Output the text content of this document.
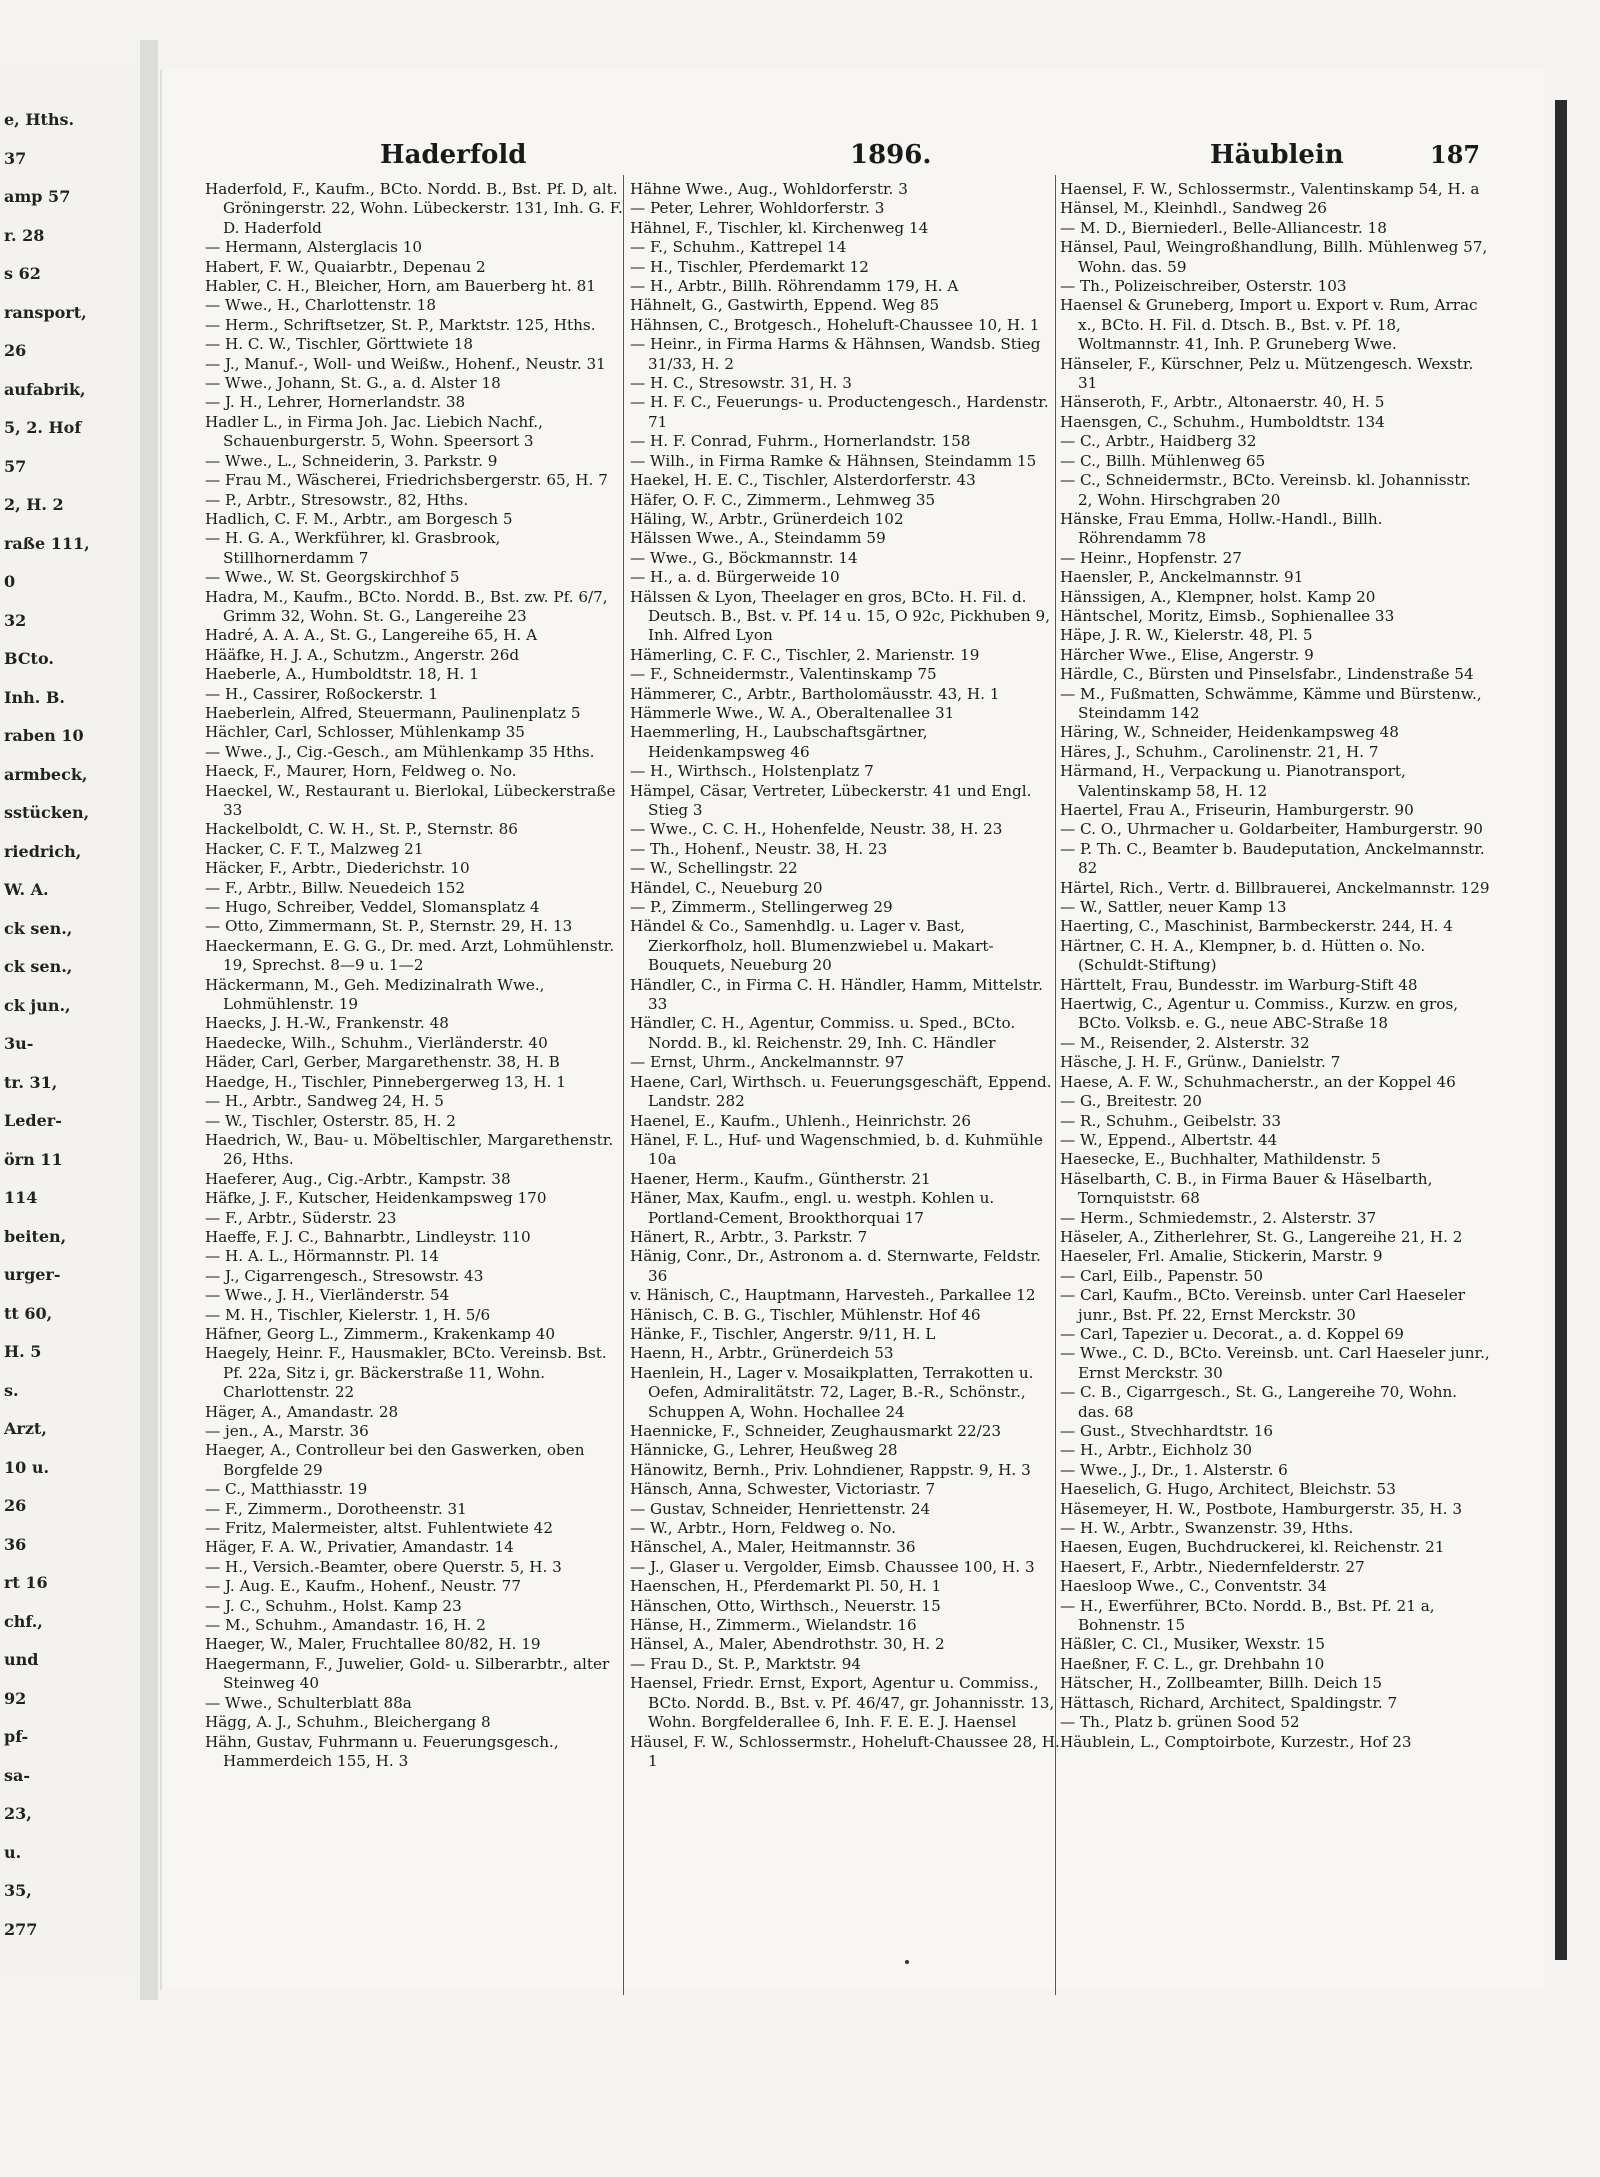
e, Hths.
37
amp 57
r. 28
s 62
ransport,
26
aufabrik,
5, 2. Hof
57
2, H. 2
raße 111,
0
32
BCto.
Inh. B.
raben 10
armbeck,
sstücken,
riedrich,
W. A.
ck sen.,
ck sen.,
ck jun.,
3u-
tr. 31,
Leder-
örn 11
114
beiten,
urger-
tt 60,
H. 5
s.
Arzt,
10 u.
26
36
rt 16
chf.,
und
92
pf-
sa-
23,
u.
35,
277
Haderfold	1896.	Häublein	187

Haderfold, F., Kaufm., BCto. Nordd. B., Bst. Pf. D, alt. Gröningerstr. 22, Wohn. Lübeckerstr. 131, Inh. G. F. D. Haderfold

— Hermann, Alsterglacis 10

Habert, F. W., Quaiarbtr., Depenau 2

Habler, C. H., Bleicher, Horn, am Bauerberg ht. 81

— Wwe., H., Charlottenstr. 18

— Herm., Schriftsetzer, St. P., Marktstr. 125, Hths.

— H. C. W., Tischler, Görttwiete 18

— J., Manuf.-, Woll- und Weißw., Hohenf., Neustr. 31

— Wwe., Johann, St. G., a. d. Alster 18

— J. H., Lehrer, Hornerlandstr. 38

Hadler L., in Firma Joh. Jac. Liebich Nachf., Schauenburgerstr. 5, Wohn. Speersort 3

— Wwe., L., Schneiderin, 3. Parkstr. 9

— Frau M., Wäscherei, Friedrichsbergerstr. 65, H. 7

— P., Arbtr., Stresowstr., 82, Hths.

Hadlich, C. F. M., Arbtr., am Borgesch 5

— H. G. A., Werkführer, kl. Grasbrook, Stillhornerdamm 7

— Wwe., W. St. Georgskirchhof 5

Hadra, M., Kaufm., BCto. Nordd. B., Bst. zw. Pf. 6/7, Grimm 32, Wohn. St. G., Langereihe 23

Hadré, A. A. A., St. G., Langereihe 65, H. A

Hääfke, H. J. A., Schutzm., Angerstr. 26d

Haeberle, A., Humboldtstr. 18, H. 1

— H., Cassirer, Roßockerstr. 1

Haeberlein, Alfred, Steuermann, Paulinenplatz 5

Hächler, Carl, Schlosser, Mühlenkamp 35

— Wwe., J., Cig.-Gesch., am Mühlenkamp 35 Hths.

Haeck, F., Maurer, Horn, Feldweg o. No.

Haeckel, W., Restaurant u. Bierlokal, Lübeckerstraße 33

Hackelboldt, C. W. H., St. P., Sternstr. 86

Hacker, C. F. T., Malzweg 21

Häcker, F., Arbtr., Diederichstr. 10

— F., Arbtr., Billw. Neuedeich 152

— Hugo, Schreiber, Veddel, Slomansplatz 4

— Otto, Zimmermann, St. P., Sternstr. 29, H. 13

Haeckermann, E. G. G., Dr. med. Arzt, Lohmühlenstr. 19, Sprechst. 8—9 u. 1—2

Häckermann, M., Geh. Medizinalrath Wwe., Lohmühlenstr. 19

Haecks, J. H.-W., Frankenstr. 48

Haedecke, Wilh., Schuhm., Vierländerstr. 40

Häder, Carl, Gerber, Margarethenstr. 38, H. B

Haedge, H., Tischler, Pinnebergerweg 13, H. 1

— H., Arbtr., Sandweg 24, H. 5

— W., Tischler, Osterstr. 85, H. 2

Haedrich, W., Bau- u. Möbeltischler, Margarethenstr. 26, Hths.

Haeferer, Aug., Cig.-Arbtr., Kampstr. 38

Häfke, J. F., Kutscher, Heidenkampsweg 170

— F., Arbtr., Süderstr. 23

Haeffe, F. J. C., Bahnarbtr., Lindleystr. 110

— H. A. L., Hörmannstr. Pl. 14

— J., Cigarrengesch., Stresowstr. 43

— Wwe., J. H., Vierländerstr. 54

— M. H., Tischler, Kielerstr. 1, H. 5/6

Häfner, Georg L., Zimmerm., Krakenkamp 40

Haegely, Heinr. F., Hausmakler, BCto. Vereinsb. Bst. Pf. 22a, Sitz i, gr. Bäckerstraße 11, Wohn. Charlottenstr. 22

Häger, A., Amandastr. 28

— jen., A., Marstr. 36

Haeger, A., Controlleur bei den Gaswerken, oben Borgfelde 29

— C., Matthiasstr. 19

— F., Zimmerm., Dorotheenstr. 31

— Fritz, Malermeister, altst. Fuhlentwiete 42

Häger, F. A. W., Privatier, Amandastr. 14

— H., Versich.-Beamter, obere Querstr. 5, H. 3

— J. Aug. E., Kaufm., Hohenf., Neustr. 77

— J. C., Schuhm., Holst. Kamp 23

— M., Schuhm., Amandastr. 16, H. 2

Haeger, W., Maler, Fruchtallee 80/82, H. 19

Haegermann, F., Juwelier, Gold- u. Silberarbtr., alter Steinweg 40

— Wwe., Schulterblatt 88a

Hägg, A. J., Schuhm., Bleichergang 8

Hähn, Gustav, Fuhrmann u. Feuerungsgesch., Hammerdeich 155, H. 3

Hähne Wwe., Aug., Wohldorferstr. 3

— Peter, Lehrer, Wohldorferstr. 3

Hähnel, F., Tischler, kl. Kirchenweg 14

— F., Schuhm., Kattrepel 14

— H., Tischler, Pferdemarkt 12

— H., Arbtr., Billh. Röhrendamm 179, H. A

Hähnelt, G., Gastwirth, Eppend. Weg 85

Hähnsen, C., Brotgesch., Hoheluft-Chaussee 10, H. 1

— Heinr., in Firma Harms & Hähnsen, Wandsb. Stieg 31/33, H. 2

— H. C., Stresowstr. 31, H. 3

— H. F. C., Feuerungs- u. Productengesch., Hardenstr. 71

— H. F. Conrad, Fuhrm., Hornerlandstr. 158

— Wilh., in Firma Ramke & Hähnsen, Steindamm 15

Haekel, H. E. C., Tischler, Alsterdorferstr. 43

Häfer, O. F. C., Zimmerm., Lehmweg 35

Häling, W., Arbtr., Grünerdeich 102

Hälssen Wwe., A., Steindamm 59

— Wwe., G., Böckmannstr. 14

— H., a. d. Bürgerweide 10

Hälssen & Lyon, Theelager en gros, BCto. H. Fil. d. Deutsch. B., Bst. v. Pf. 14 u. 15, O 92c, Pickhuben 9, Inh. Alfred Lyon

Hämerling, C. F. C., Tischler, 2. Marienstr. 19

— F., Schneidermstr., Valentinskamp 75

Hämmerer, C., Arbtr., Bartholomäusstr. 43, H. 1

Hämmerle Wwe., W. A., Oberaltenallee 31

Haemmerling, H., Laubschaftsgärtner, Heidenkampsweg 46

— H., Wirthsch., Holstenplatz 7

Hämpel, Cäsar, Vertreter, Lübeckerstr. 41 und Engl. Stieg 3

— Wwe., C. C. H., Hohenfelde, Neustr. 38, H. 23

— Th., Hohenf., Neustr. 38, H. 23

— W., Schellingstr. 22

Händel, C., Neueburg 20

— P., Zimmerm., Stellingerweg 29

Händel & Co., Samenhdlg. u. Lager v. Bast, Zierkorfholz, holl. Blumenzwiebel u. Makart-Bouquets, Neueburg 20

Händler, C., in Firma C. H. Händler, Hamm, Mittelstr. 33

Händler, C. H., Agentur, Commiss. u. Sped., BCto. Nordd. B., kl. Reichenstr. 29, Inh. C. Händler

— Ernst, Uhrm., Anckelmannstr. 97

Haene, Carl, Wirthsch. u. Feuerungsgeschäft, Eppend. Landstr. 282

Haenel, E., Kaufm., Uhlenh., Heinrichstr. 26

Hänel, F. L., Huf- und Wagenschmied, b. d. Kuhmühle 10a

Haener, Herm., Kaufm., Güntherstr. 21

Häner, Max, Kaufm., engl. u. westph. Kohlen u. Portland-Cement, Brookthorquai 17

Hänert, R., Arbtr., 3. Parkstr. 7

Hänig, Conr., Dr., Astronom a. d. Sternwarte, Feldstr. 36

v. Hänisch, C., Hauptmann, Harvesteh., Parkallee 12

Hänisch, C. B. G., Tischler, Mühlenstr. Hof 46

Hänke, F., Tischler, Angerstr. 9/11, H. L

Haenn, H., Arbtr., Grünerdeich 53

Haenlein, H., Lager v. Mosaikplatten, Terrakotten u. Oefen, Admiralitätstr. 72, Lager, B.-R., Schönstr., Schuppen A, Wohn. Hochallee 24

Haennicke, F., Schneider, Zeughausmarkt 22/23

Hännicke, G., Lehrer, Heußweg 28

Hänowitz, Bernh., Priv. Lohndiener, Rappstr. 9, H. 3

Hänsch, Anna, Schwester, Victoriastr. 7

— Gustav, Schneider, Henriettenstr. 24

— W., Arbtr., Horn, Feldweg o. No.

Hänschel, A., Maler, Heitmannstr. 36

— J., Glaser u. Vergolder, Eimsb. Chaussee 100, H. 3

Haenschen, H., Pferdemarkt Pl. 50, H. 1

Hänschen, Otto, Wirthsch., Neuerstr. 15

Hänse, H., Zimmerm., Wielandstr. 16

Hänsel, A., Maler, Abendrothstr. 30, H. 2

— Frau D., St. P., Marktstr. 94

Haensel, Friedr. Ernst, Export, Agentur u. Commiss., BCto. Nordd. B., Bst. v. Pf. 46/47, gr. Johannisstr. 13, Wohn. Borgfelderallee 6, Inh. F. E. E. J. Haensel

Häusel, F. W., Schlossermstr., Hoheluft-Chaussee 28, H. 1

Haensel, F. W., Schlossermstr., Valentinskamp 54, H. a

Hänsel, M., Kleinhdl., Sandweg 26

— M. D., Bierniederl., Belle-Alliancestr. 18

Hänsel, Paul, Weingroßhandlung, Billh. Mühlenweg 57, Wohn. das. 59

— Th., Polizeischreiber, Osterstr. 103

Haensel & Gruneberg, Import u. Export v. Rum, Arrac x., BCto. H. Fil. d. Dtsch. B., Bst. v. Pf. 18, Woltmannstr. 41, Inh. P. Gruneberg Wwe.

Hänseler, F., Kürschner, Pelz u. Mützengesch. Wexstr. 31

Hänseroth, F., Arbtr., Altonaerstr. 40, H. 5

Haensgen, C., Schuhm., Humboldtstr. 134

— C., Arbtr., Haidberg 32

— C., Billh. Mühlenweg 65

— C., Schneidermstr., BCto. Vereinsb. kl. Johannisstr. 2, Wohn. Hirschgraben 20

Hänske, Frau Emma, Hollw.-Handl., Billh. Röhrendamm 78

— Heinr., Hopfenstr. 27

Haensler, P., Anckelmannstr. 91

Hänssigen, A., Klempner, holst. Kamp 20

Häntschel, Moritz, Eimsb., Sophienallee 33

Häpe, J. R. W., Kielerstr. 48, Pl. 5

Härcher Wwe., Elise, Angerstr. 9

Härdle, C., Bürsten und Pinselsfabr., Lindenstraße 54

— M., Fußmatten, Schwämme, Kämme und Bürstenw., Steindamm 142

Häring, W., Schneider, Heidenkampsweg 48

Häres, J., Schuhm., Carolinenstr. 21, H. 7

Härmand, H., Verpackung u. Pianotransport, Valentinskamp 58, H. 12

Haertel, Frau A., Friseurin, Hamburgerstr. 90

— C. O., Uhrmacher u. Goldarbeiter, Hamburgerstr. 90

— P. Th. C., Beamter b. Baudeputation, Anckelmannstr. 82

Härtel, Rich., Vertr. d. Billbrauerei, Anckelmannstr. 129

— W., Sattler, neuer Kamp 13

Haerting, C., Maschinist, Barmbeckerstr. 244, H. 4

Härtner, C. H. A., Klempner, b. d. Hütten o. No. (Schuldt-Stiftung)

Härttelt, Frau, Bundesstr. im Warburg-Stift 48

Haertwig, C., Agentur u. Commiss., Kurzw. en gros, BCto. Volksb. e. G., neue ABC-Straße 18

— M., Reisender, 2. Alsterstr. 32

Häsche, J. H. F., Grünw., Danielstr. 7

Haese, A. F. W., Schuhmacherstr., an der Koppel 46

— G., Breitestr. 20

— R., Schuhm., Geibelstr. 33

— W., Eppend., Albertstr. 44

Haesecke, E., Buchhalter, Mathildenstr. 5

Häselbarth, C. B., in Firma Bauer & Häselbarth, Tornquiststr. 68

— Herm., Schmiedemstr., 2. Alsterstr. 37

Häseler, A., Zitherlehrer, St. G., Langereihe 21, H. 2

Haeseler, Frl. Amalie, Stickerin, Marstr. 9

— Carl, Eilb., Papenstr. 50

— Carl, Kaufm., BCto. Vereinsb. unter Carl Haeseler junr., Bst. Pf. 22, Ernst Merckstr. 30

— Carl, Tapezier u. Decorat., a. d. Koppel 69

— Wwe., C. D., BCto. Vereinsb. unt. Carl Haeseler junr., Ernst Merckstr. 30

— C. B., Cigarrgesch., St. G., Langereihe 70, Wohn. das. 68

— Gust., Stvechhardtstr. 16

— H., Arbtr., Eichholz 30

— Wwe., J., Dr., 1. Alsterstr. 6

Haeselich, G. Hugo, Architect, Bleichstr. 53

Häsemeyer, H. W., Postbote, Hamburgerstr. 35, H. 3

— H. W., Arbtr., Swanzenstr. 39, Hths.

Haesen, Eugen, Buchdruckerei, kl. Reichenstr. 21

Haesert, F., Arbtr., Niedernfelderstr. 27

Haesloop Wwe., C., Conventstr. 34

— H., Ewerführer, BCto. Nordd. B., Bst. Pf. 21 a, Bohnenstr. 15

Häßler, C. Cl., Musiker, Wexstr. 15

Haeßner, F. C. L., gr. Drehbahn 10

Hätscher, H., Zollbeamter, Billh. Deich 15

Hättasch, Richard, Architect, Spaldingstr. 7

— Th., Platz b. grünen Sood 52

Häublein, L., Comptoirbote, Kurzestr., Hof 23
